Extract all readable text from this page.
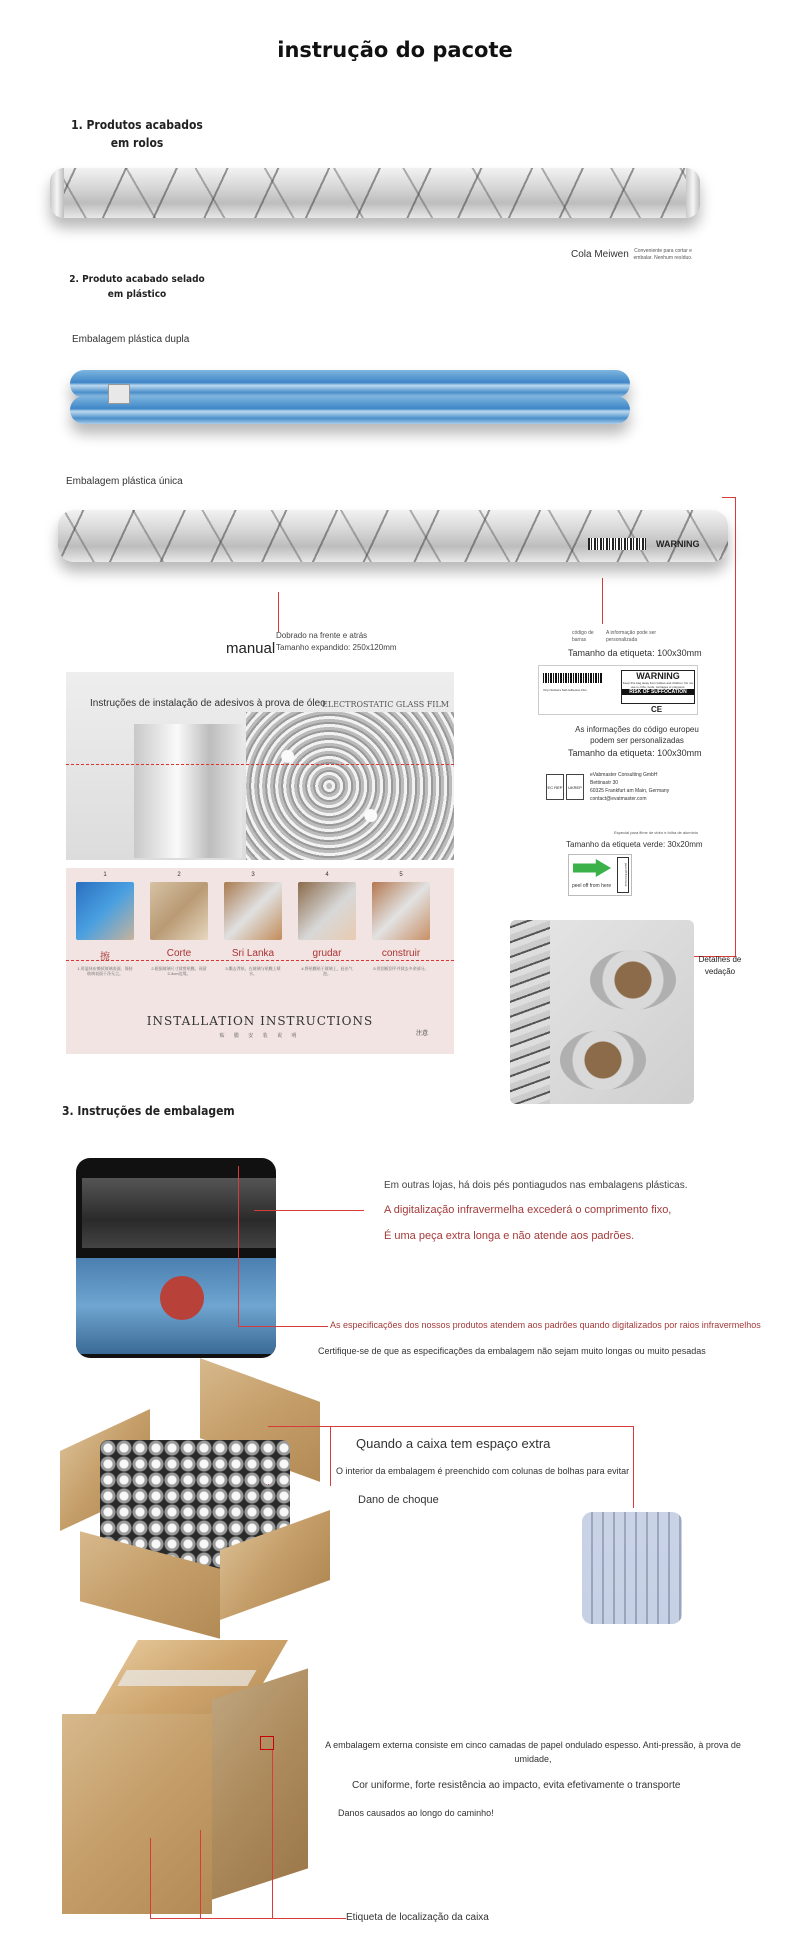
instrução do pacote
1. Produtos acabados em rolos
Cola Meiwen	Conveniente para cortar e embalar. Nenhum resíduo.
2. Produto acabado selado em plástico
Embalagem plástica dupla
Embalagem plástica única
WARNING
Dobrado na frente e atrás
Tamanho expandido: 250x120mm
manual
código de barras
A informação pode ser personalizada
Tamanho da etiqueta: 100x30mm
Vinyl Stickers Self-Adhesive Film
WARNING
Keep this bag away from babies and children. Do not use in cribs, beds, carriages or playpens.
RISK OF SUFFOCATION
CE
As informações do código europeu podem ser personalizadas
Tamanho da etiqueta: 100x30mm
EC REP	UKREP
eVabmaster Consulting GmbH
Bettinastr 30
60325 Frankfurt am Main, Germany
contact@evatmaster.com
Especial para filme de vidro e folha de alumínio
Tamanho da etiqueta verde: 30x20mm
peel off from here	peel off from here
Detalhes de vedação
Instruções de instalação de adesivos à prova de óleo
ELECTROSTATIC GLASS FILM
1
擦
1.用湿抹布擦拭玻璃表面，保持玻璃表面干净无尘。
2
Corte
2.根据玻璃尺寸裁剪贴膜，预留2-3cm边缘。
3
Sri Lanka
3.撕去背纸，在玻璃与贴膜上喷水。
4
grudar
4.将贴膜贴于玻璃上，赶出气泡。
5
construir
5.用刮板刮平并裁去多余部分。
INSTALLATION INSTRUCTIONS
贴 膜 安 装 说 明	注意
3. Instruções de embalagem
Em outras lojas, há dois pés pontiagudos nas embalagens plásticas.
A digitalização infravermelha excederá o comprimento fixo,
É uma peça extra longa e não atende aos padrões.
As especificações dos nossos produtos atendem aos padrões quando digitalizados por raios infravermelhos
Certifique-se de que as especificações da embalagem não sejam muito longas ou muito pesadas
Quando a caixa tem espaço extra
O interior da embalagem é preenchido com colunas de bolhas para evitar
Dano de choque
A embalagem externa consiste em cinco camadas de papel ondulado espesso. Anti-pressão, à prova de umidade,
Cor uniforme, forte resistência ao impacto, evita efetivamente o transporte
Danos causados ao longo do caminho!
Etiqueta de localização da caixa
